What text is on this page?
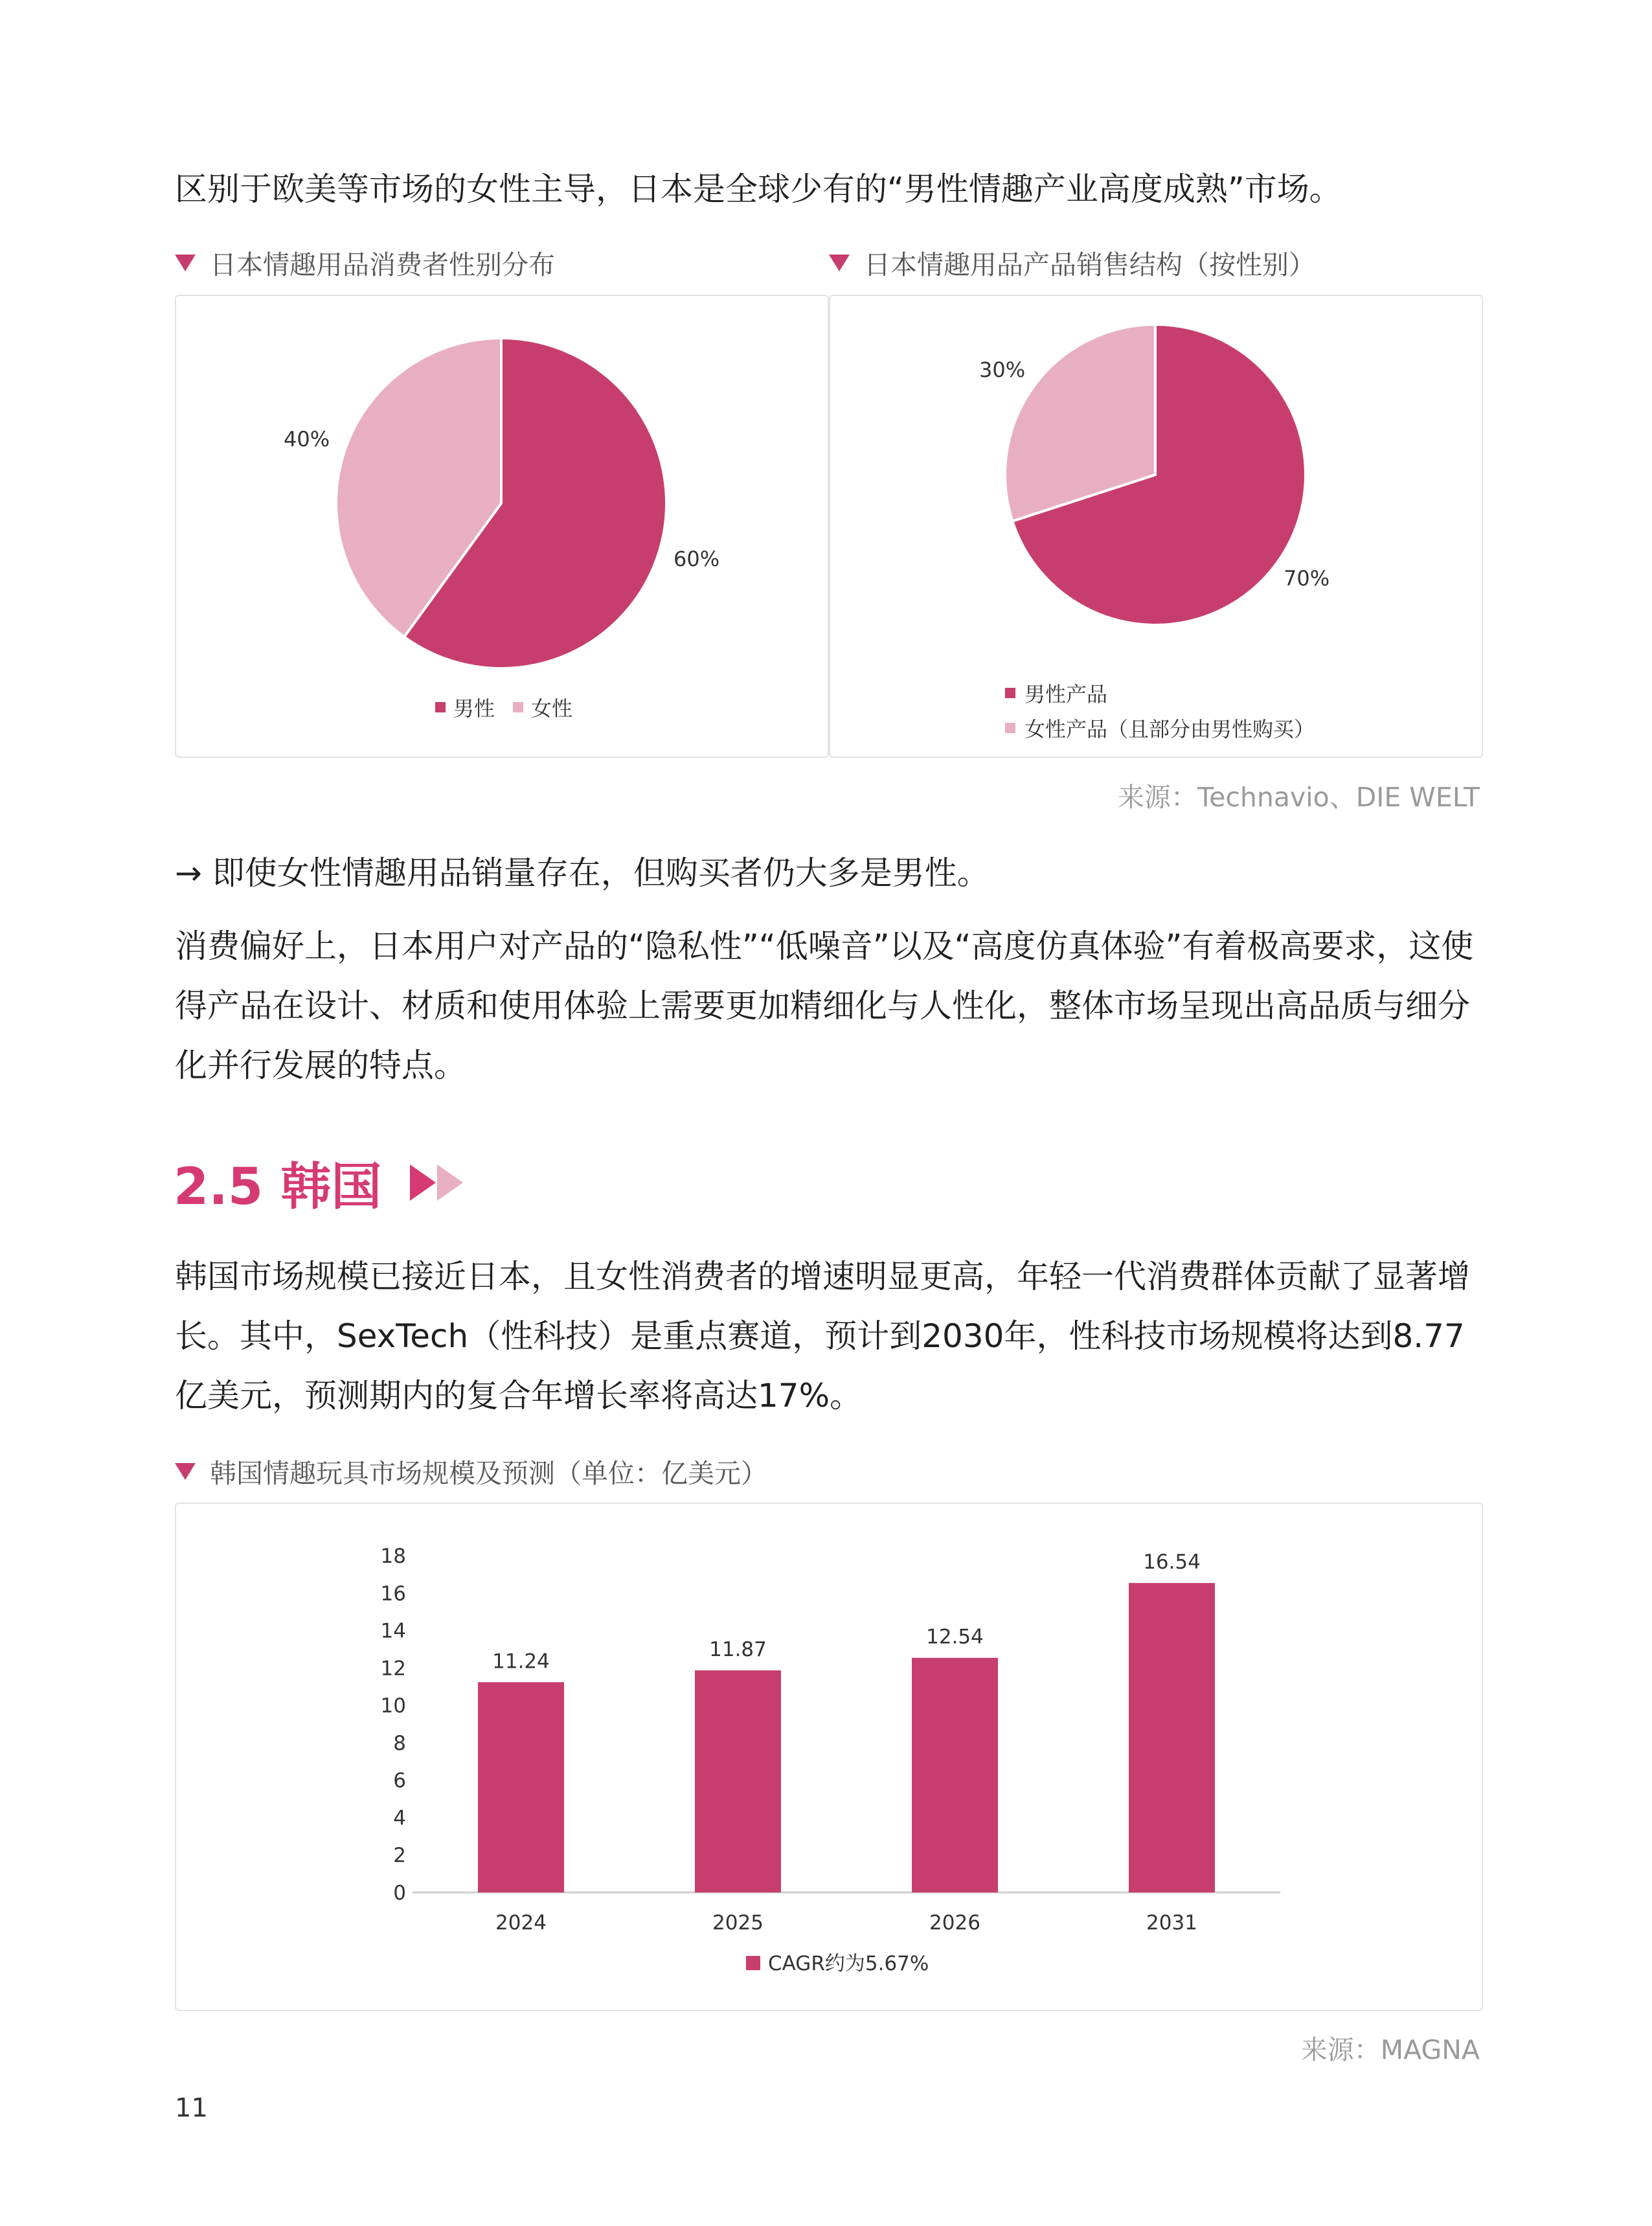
区别于欧美等市场的女性主导，日本是全球少有的“男性情趣产业高度成熟”市场。

日本情趣用品消费者性别分布	日本情趣用品产品销售结构（按性别）
40%
60%
男性 女性
30%
70%
男性产品
女性产品（且部分由男性购买）
来源：Technavio、DIE WELT

→ 即使女性情趣用品销量存在，但购买者仍大多是男性。

消费偏好上，日本用户对产品的“隐私性”“低噪音”以及“高度仿真体验”有着极高要求，这使得产品在设计、材质和使用体验上需要更加精细化与人性化，整体市场呈现出高品质与细分化并行发展的特点。

2.5 韩国

韩国市场规模已接近日本，且女性消费者的增速明显更高，年轻一代消费群体贡献了显著增长。其中，SexTech（性科技）是重点赛道，预计到2030年，性科技市场规模将达到8.77亿美元，预测期内的复合年增长率将高达17%。

韩国情趣玩具市场规模及预测（单位：亿美元）
0
2
4
6
8
10
12
14
16
18
11.24
2024
11.87
2025
12.54
2026
16.54
2031
CAGR约为5.67%
来源：MAGNA
11
